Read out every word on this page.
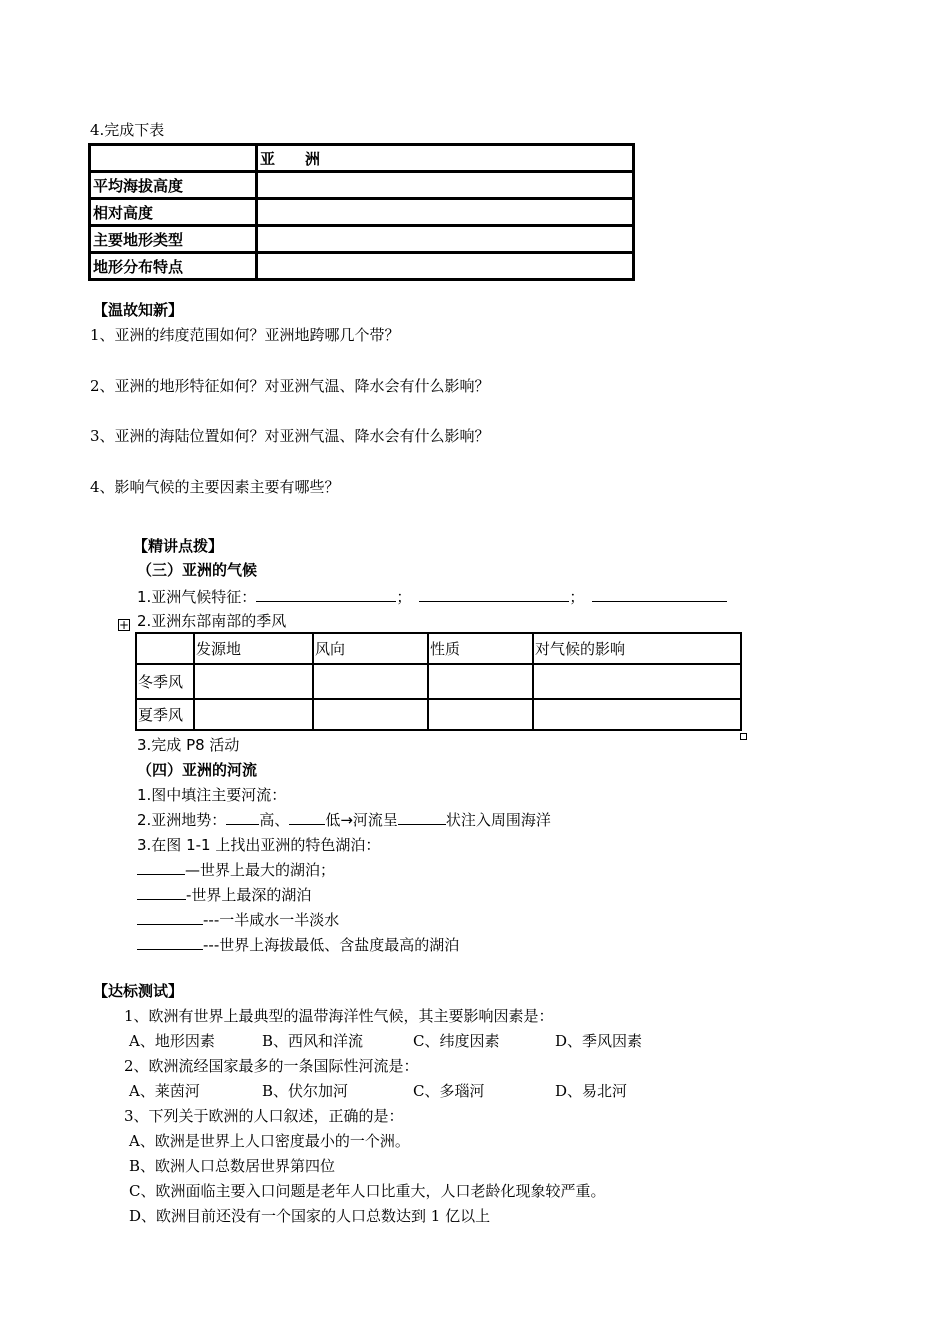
4.完成下表
	亚　　洲
平均海拔高度	
相对高度	
主要地形类型	
地形分布特点	
【温故知新】
1、亚洲的纬度范围如何？亚洲地跨哪几个带？
2、亚洲的地形特征如何？对亚洲气温、降水会有什么影响？
3、亚洲的海陆位置如何？对亚洲气温、降水会有什么影响？
4、影响气候的主要因素主要有哪些？
【精讲点拨】
（三）亚洲的气候
1.亚洲气候特征：	；	；
+ 2.亚洲东部南部的季风
	发源地	风向	性质	对气候的影响
冬季风				
夏季风				
3.完成 P8 活动
（四）亚洲的河流
1.图中填注主要河流：
2.亚洲地势： 高、 低→河流呈	状注入周围海洋
3.在图 1-1 上找出亚洲的特色湖泊：
—世界上最大的湖泊；
-世界上最深的湖泊
---一半咸水一半淡水
---世界上海拔最低、含盐度最高的湖泊
【达标测试】
1、欧洲有世界上最典型的温带海洋性气候，其主要影响因素是：
A、地形因素	B、西风和洋流	C、纬度因素	D、季风因素
2、欧洲流经国家最多的一条国际性河流是：
A、莱茵河	B、伏尔加河	C、多瑙河	D、易北河
3、下列关于欧洲的人口叙述，正确的是：
A、欧洲是世界上人口密度最小的一个洲。
B、欧洲人口总数居世界第四位
C、欧洲面临主要入口问题是老年人口比重大，人口老龄化现象较严重。
D、欧洲目前还没有一个国家的人口总数达到 1 亿以上
